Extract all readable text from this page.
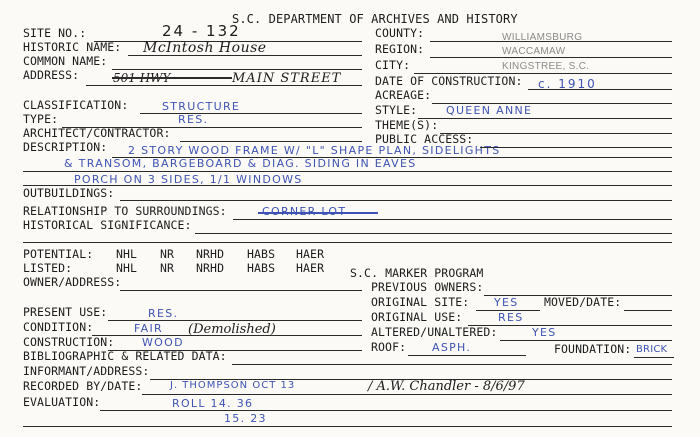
S.C. DEPARTMENT OF ARCHIVES AND HISTORY
SITE NO.:	24 - 132
HISTORIC NAME: McIntosh House
COMMON NAME:
ADDRESS:	501 HWY	MAIN STREET
CLASSIFICATION:	STRUCTURE
TYPE:	RES.
ARCHITECT/CONTRACTOR:
DESCRIPTION: 2 STORY WOOD FRAME W/ "L" SHAPE PLAN, SIDELIGHTS
& TRANSOM, BARGEBOARD & DIAG. SIDING IN EAVES
PORCH ON 3 SIDES, 1/1 WINDOWS
OUTBUILDINGS:
RELATIONSHIP TO SURROUNDINGS:	CORNER LOT
HISTORICAL SIGNIFICANCE:
COUNTY:	WILLIAMSBURG
REGION:	WACCAMAW
CITY:	KINGSTREE, S.C.
DATE OF CONSTRUCTION: c. 1910
ACREAGE:
STYLE:	QUEEN ANNE
THEME(S):
PUBLIC ACCESS:
POTENTIAL: NHL NR NRHD HABS HAER
LISTED:	NHL NR NRHD HABS HAER
OWNER/ADDRESS:
S.C. MARKER PROGRAM
PREVIOUS OWNERS:
PRESENT USE:	RES.
CONDITION:	FAIR (Demolished)
CONSTRUCTION:	WOOD
BIBLIOGRAPHIC & RELATED DATA:
INFORMANT/ADDRESS:
RECORDED BY/DATE:	J. THOMPSON OCT 13	/ A.W. Chandler - 8/6/97
EVALUATION:	ROLL 14. 36
15. 23
ORIGINAL SITE: YES MOVED/DATE:
ORIGINAL USE:	RES
ALTERED/UNALTERED:	YES
ROOF: ASPH.	FOUNDATION: BRICK
